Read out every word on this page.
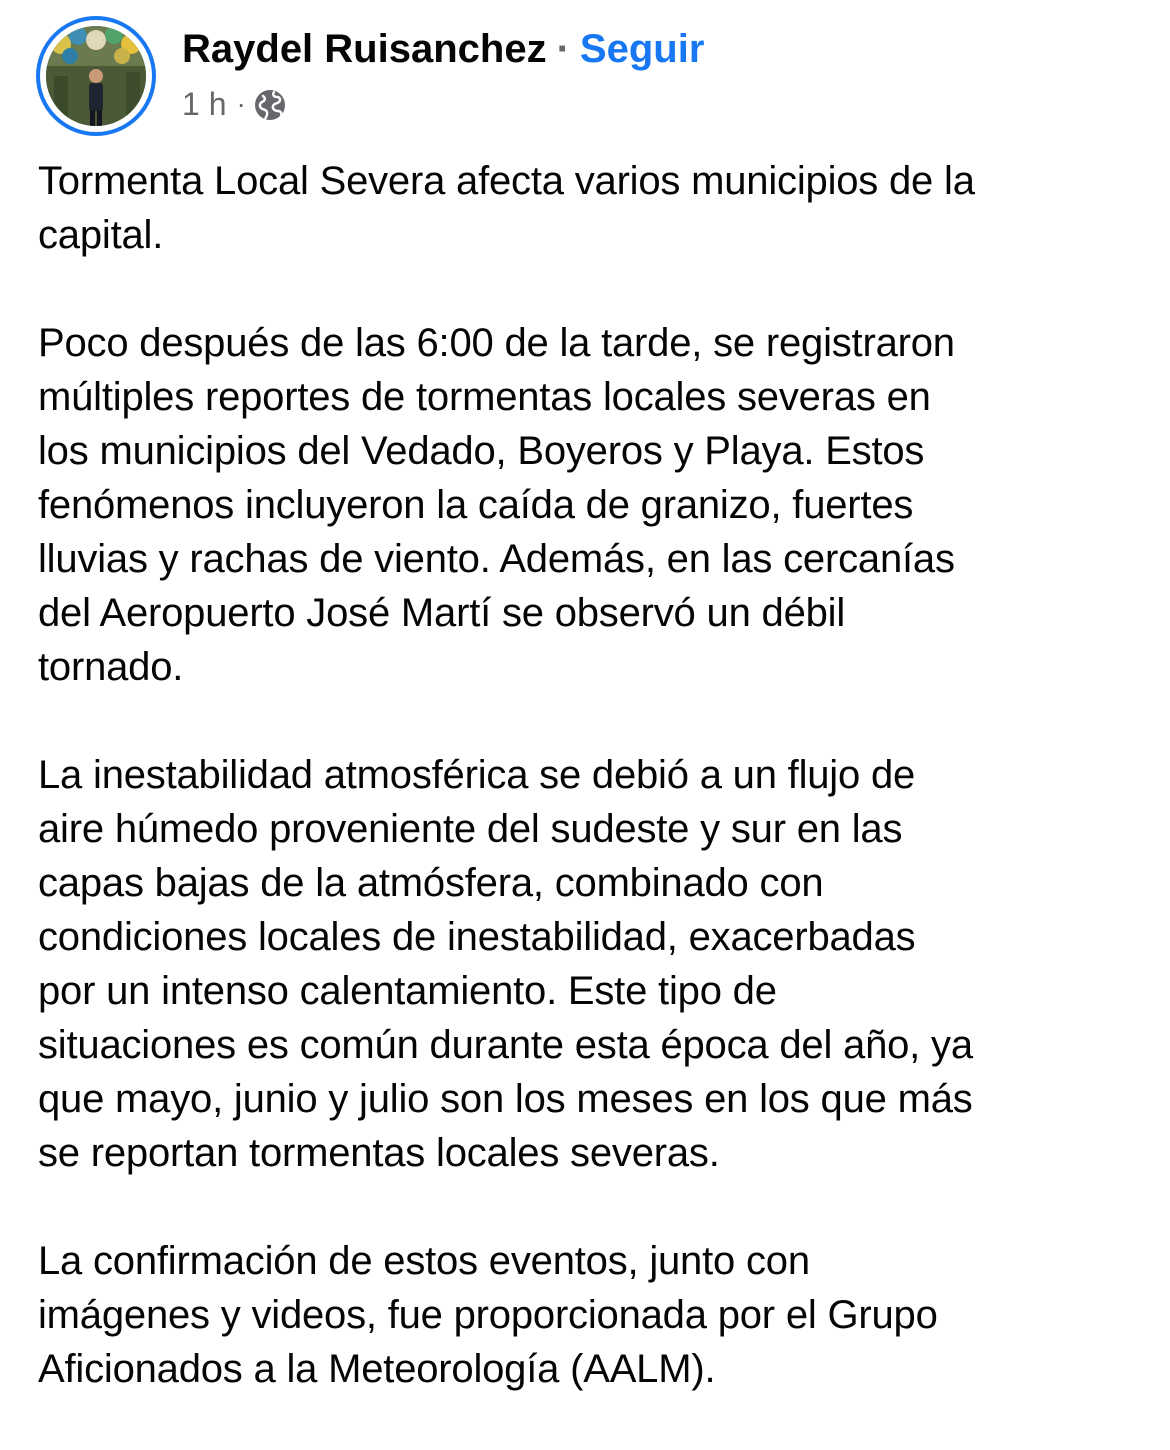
Raydel Ruisanchez · Seguir
1 h ·

Tormenta Local Severa afecta varios municipios de la
capital.

Poco después de las 6:00 de la tarde, se registraron
múltiples reportes de tormentas locales severas en
los municipios del Vedado, Boyeros y Playa. Estos
fenómenos incluyeron la caída de granizo, fuertes
lluvias y rachas de viento. Además, en las cercanías
del Aeropuerto José Martí se observó un débil
tornado.

La inestabilidad atmosférica se debió a un flujo de
aire húmedo proveniente del sudeste y sur en las
capas bajas de la atmósfera, combinado con
condiciones locales de inestabilidad, exacerbadas
por un intenso calentamiento. Este tipo de
situaciones es común durante esta época del año, ya
que mayo, junio y julio son los meses en los que más
se reportan tormentas locales severas.

La confirmación de estos eventos, junto con
imágenes y videos, fue proporcionada por el Grupo
Aficionados a la Meteorología (AALM).
